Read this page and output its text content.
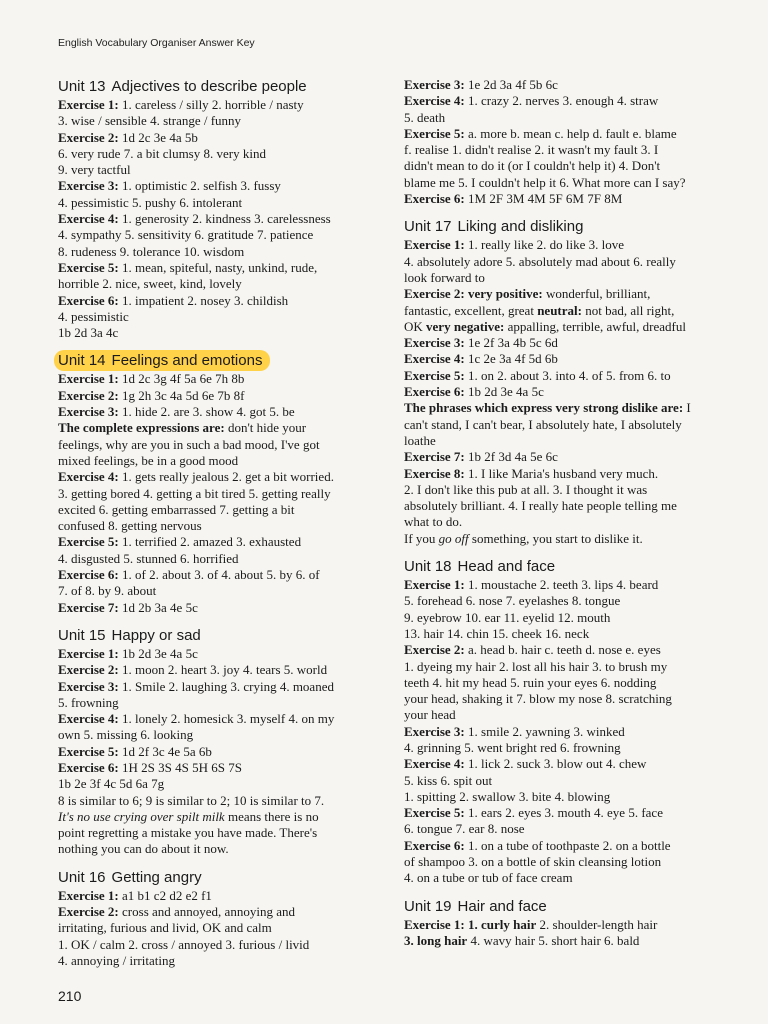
English Vocabulary Organiser Answer Key
Unit 13 Adjectives to describe people

Exercise 1: 1. careless / silly 2. horrible / nasty

3. wise / sensible 4. strange / funny

Exercise 2: 1d 2c 3e 4a 5b

6. very rude 7. a bit clumsy 8. very kind

9. very tactful

Exercise 3: 1. optimistic 2. selfish 3. fussy

4. pessimistic 5. pushy 6. intolerant

Exercise 4: 1. generosity 2. kindness 3. carelessness

4. sympathy 5. sensitivity 6. gratitude 7. patience

8. rudeness 9. tolerance 10. wisdom

Exercise 5: 1. mean, spiteful, nasty, unkind, rude,

horrible 2. nice, sweet, kind, lovely

Exercise 6: 1. impatient 2. nosey 3. childish

4. pessimistic

1b 2d 3a 4c

Unit 14 Feelings and emotions

Exercise 1: 1d 2c 3g 4f 5a 6e 7h 8b

Exercise 2: 1g 2h 3c 4a 5d 6e 7b 8f

Exercise 3: 1. hide 2. are 3. show 4. got 5. be

The complete expressions are: don't hide your

feelings, why are you in such a bad mood, I've got

mixed feelings, be in a good mood

Exercise 4: 1. gets really jealous 2. get a bit worried.

3. getting bored 4. getting a bit tired 5. getting really

excited 6. getting embarrassed 7. getting a bit

confused 8. getting nervous

Exercise 5: 1. terrified 2. amazed 3. exhausted

4. disgusted 5. stunned 6. horrified

Exercise 6: 1. of 2. about 3. of 4. about 5. by 6. of

7. of 8. by 9. about

Exercise 7: 1d 2b 3a 4e 5c

Unit 15 Happy or sad

Exercise 1: 1b 2d 3e 4a 5c

Exercise 2: 1. moon 2. heart 3. joy 4. tears 5. world

Exercise 3: 1. Smile 2. laughing 3. crying 4. moaned

5. frowning

Exercise 4: 1. lonely 2. homesick 3. myself 4. on my

own 5. missing 6. looking

Exercise 5: 1d 2f 3c 4e 5a 6b

Exercise 6: 1H 2S 3S 4S 5H 6S 7S

1b 2e 3f 4c 5d 6a 7g

8 is similar to 6; 9 is similar to 2; 10 is similar to 7.

It's no use crying over spilt milk means there is no

point regretting a mistake you have made. There's

nothing you can do about it now.

Unit 16 Getting angry

Exercise 1: a1 b1 c2 d2 e2 f1

Exercise 2: cross and annoyed, annoying and

irritating, furious and livid, OK and calm

1. OK / calm 2. cross / annoyed 3. furious / livid

4. annoying / irritating

Exercise 3: 1e 2d 3a 4f 5b 6c

Exercise 4: 1. crazy 2. nerves 3. enough 4. straw

5. death

Exercise 5: a. more b. mean c. help d. fault e. blame

f. realise 1. didn't realise 2. it wasn't my fault 3. I

didn't mean to do it (or I couldn't help it) 4. Don't

blame me 5. I couldn't help it 6. What more can I say?

Exercise 6: 1M 2F 3M 4M 5F 6M 7F 8M

Unit 17 Liking and disliking

Exercise 1: 1. really like 2. do like 3. love

4. absolutely adore 5. absolutely mad about 6. really

look forward to

Exercise 2: very positive: wonderful, brilliant,

fantastic, excellent, great neutral: not bad, all right,

OK very negative: appalling, terrible, awful, dreadful

Exercise 3: 1e 2f 3a 4b 5c 6d

Exercise 4: 1c 2e 3a 4f 5d 6b

Exercise 5: 1. on 2. about 3. into 4. of 5. from 6. to

Exercise 6: 1b 2d 3e 4a 5c

The phrases which express very strong dislike are: I

can't stand, I can't bear, I absolutely hate, I absolutely

loathe

Exercise 7: 1b 2f 3d 4a 5e 6c

Exercise 8: 1. I like Maria's husband very much.

2. I don't like this pub at all. 3. I thought it was

absolutely brilliant. 4. I really hate people telling me

what to do.

If you go off something, you start to dislike it.

Unit 18 Head and face

Exercise 1: 1. moustache 2. teeth 3. lips 4. beard

5. forehead 6. nose 7. eyelashes 8. tongue

9. eyebrow 10. ear 11. eyelid 12. mouth

13. hair 14. chin 15. cheek 16. neck

Exercise 2: a. head b. hair c. teeth d. nose e. eyes

1. dyeing my hair 2. lost all his hair 3. to brush my

teeth 4. hit my head 5. ruin your eyes 6. nodding

your head, shaking it 7. blow my nose 8. scratching

your head

Exercise 3: 1. smile 2. yawning 3. winked

4. grinning 5. went bright red 6. frowning

Exercise 4: 1. lick 2. suck 3. blow out 4. chew

5. kiss 6. spit out

1. spitting 2. swallow 3. bite 4. blowing

Exercise 5: 1. ears 2. eyes 3. mouth 4. eye 5. face

6. tongue 7. ear 8. nose

Exercise 6: 1. on a tube of toothpaste 2. on a bottle

of shampoo 3. on a bottle of skin cleansing lotion

4. on a tube or tub of face cream

Unit 19 Hair and face

Exercise 1: 1. curly hair 2. shoulder-length hair

3. long hair 4. wavy hair 5. short hair 6. bald

210
